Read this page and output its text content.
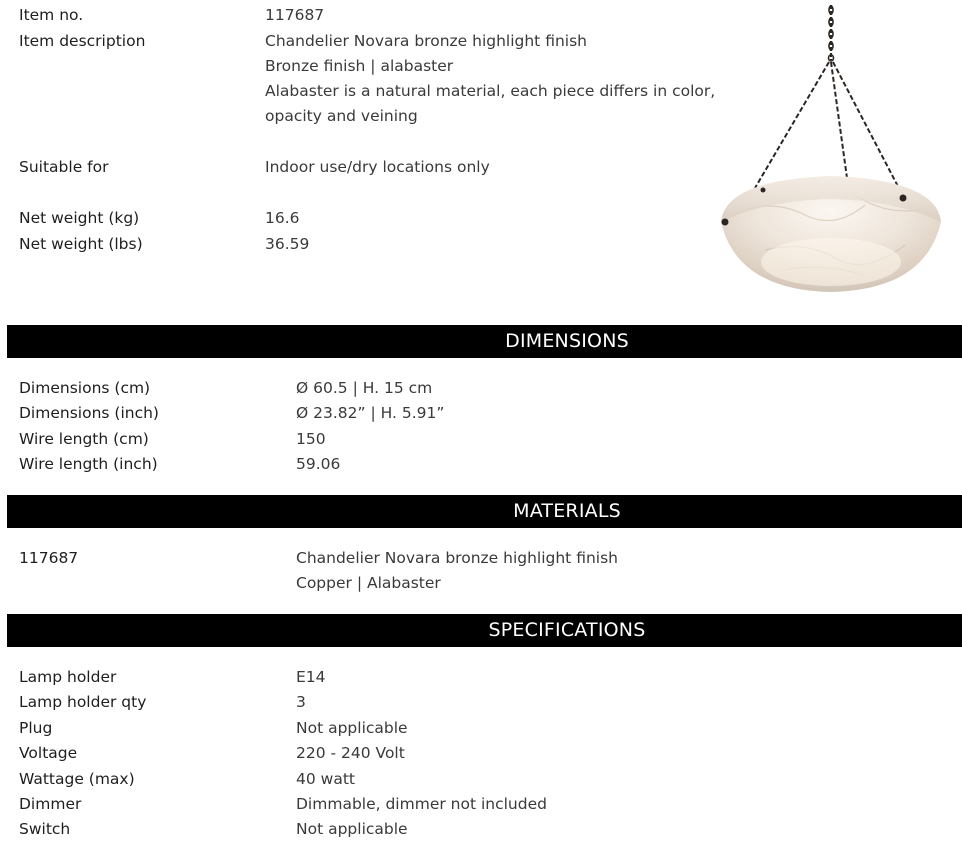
Item no.	117687
Item description	Chandelier Novara bronze highlight finish
Bronze finish | alabaster
Alabaster is a natural material, each piece differs in color,
opacity and veining
Suitable for	Indoor use/dry locations only
Net weight (kg)	16.6
Net weight (lbs)	36.59
DIMENSIONS
Dimensions (cm)	Ø 60.5 | H. 15 cm
Dimensions (inch)	Ø 23.82” | H. 5.91”
Wire length (cm)	150
Wire length (inch)	59.06
MATERIALS
117687	Chandelier Novara bronze highlight finish
Copper | Alabaster
SPECIFICATIONS
Lamp holder	E14
Lamp holder qty	3
Plug	Not applicable
Voltage	220 - 240 Volt
Wattage (max)	40 watt
Dimmer	Dimmable, dimmer not included
Switch	Not applicable
